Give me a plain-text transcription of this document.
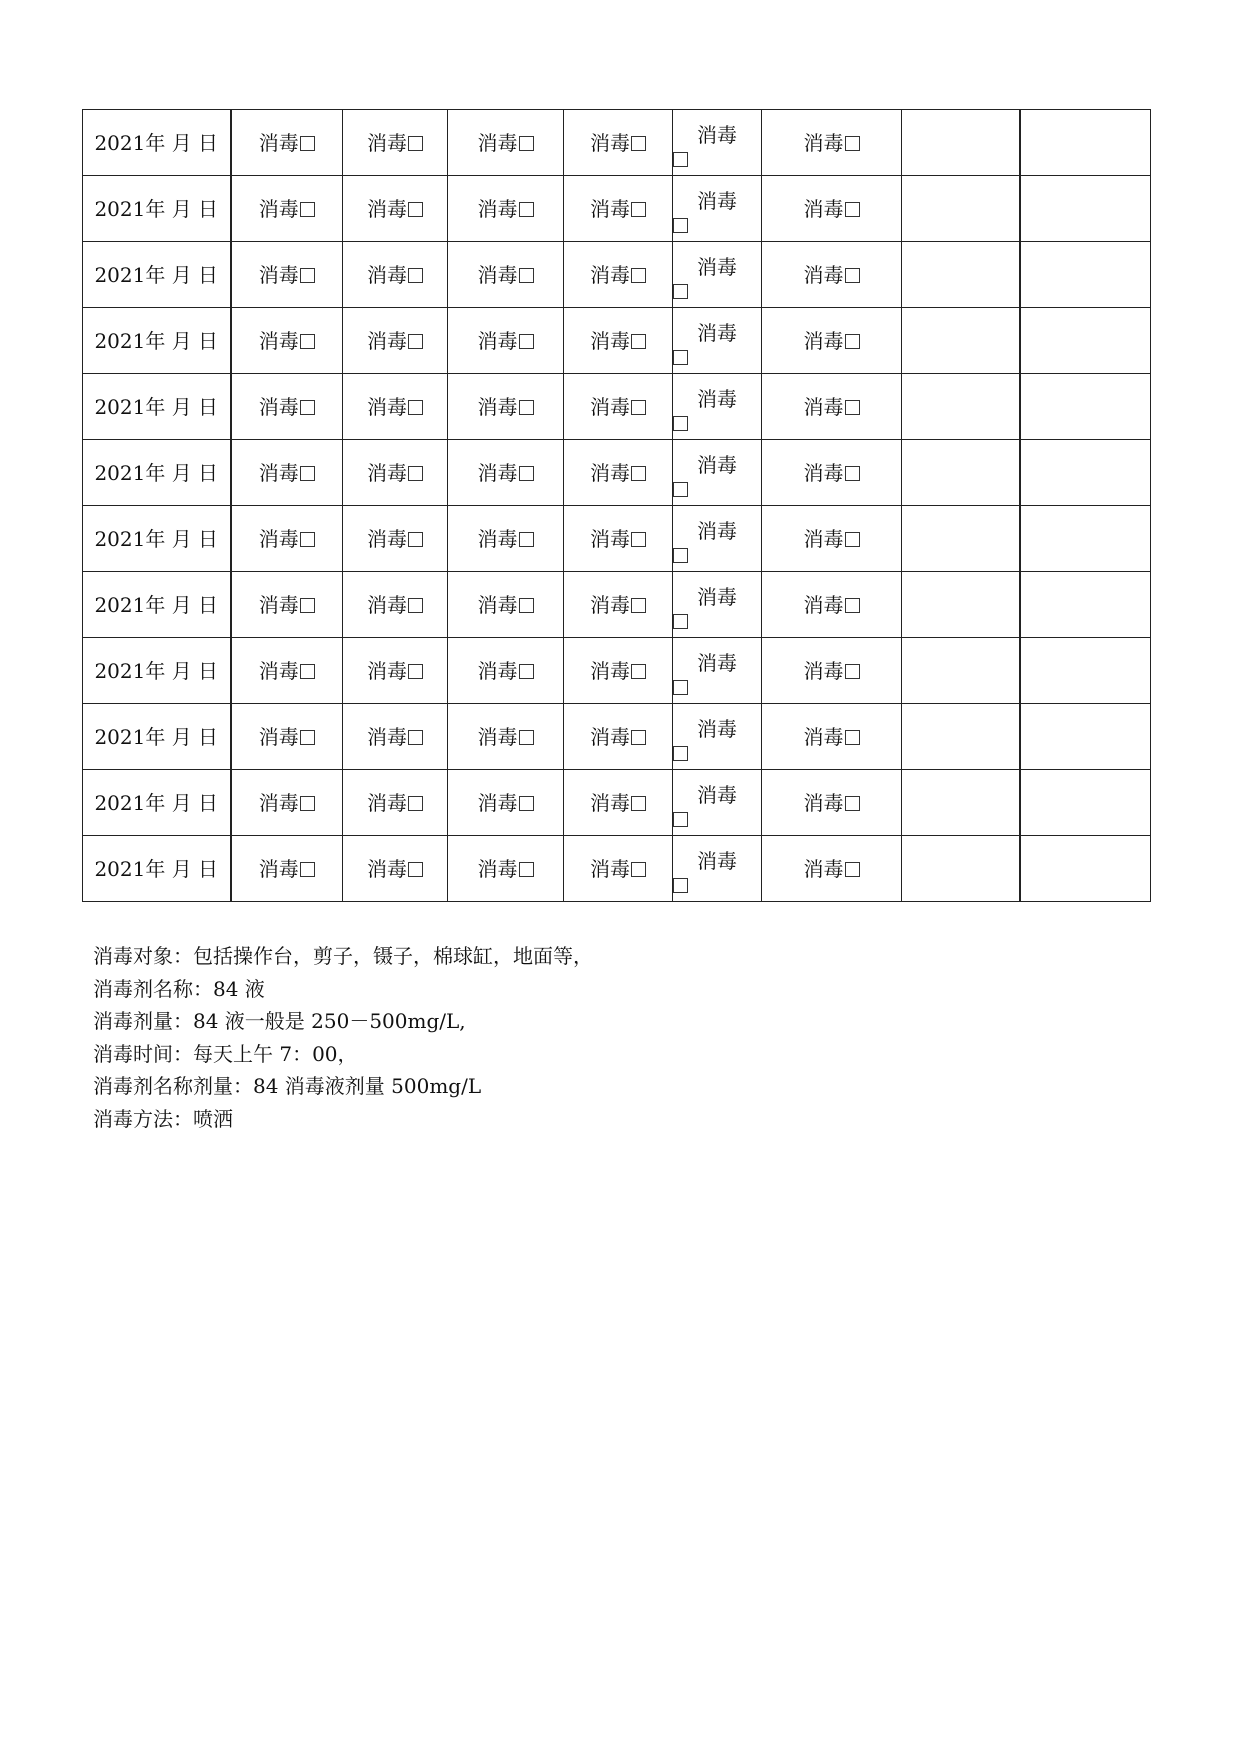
2021年 月 日	消毒	消毒	消毒	消毒	消毒	消毒		
2021年 月 日	消毒	消毒	消毒	消毒	消毒	消毒		
2021年 月 日	消毒	消毒	消毒	消毒	消毒	消毒		
2021年 月 日	消毒	消毒	消毒	消毒	消毒	消毒		
2021年 月 日	消毒	消毒	消毒	消毒	消毒	消毒		
2021年 月 日	消毒	消毒	消毒	消毒	消毒	消毒		
2021年 月 日	消毒	消毒	消毒	消毒	消毒	消毒		
2021年 月 日	消毒	消毒	消毒	消毒	消毒	消毒		
2021年 月 日	消毒	消毒	消毒	消毒	消毒	消毒		
2021年 月 日	消毒	消毒	消毒	消毒	消毒	消毒		
2021年 月 日	消毒	消毒	消毒	消毒	消毒	消毒		
2021年 月 日	消毒	消毒	消毒	消毒	消毒	消毒		

消毒对象：包括操作台，剪子，镊子，棉球缸，地面等，

消毒剂名称：84 液

消毒剂量：84 液一般是 250－500mg/L,

消毒时间：每天上午 7：00，

消毒剂名称剂量：84 消毒液剂量 500mg/L

消毒方法：喷洒
